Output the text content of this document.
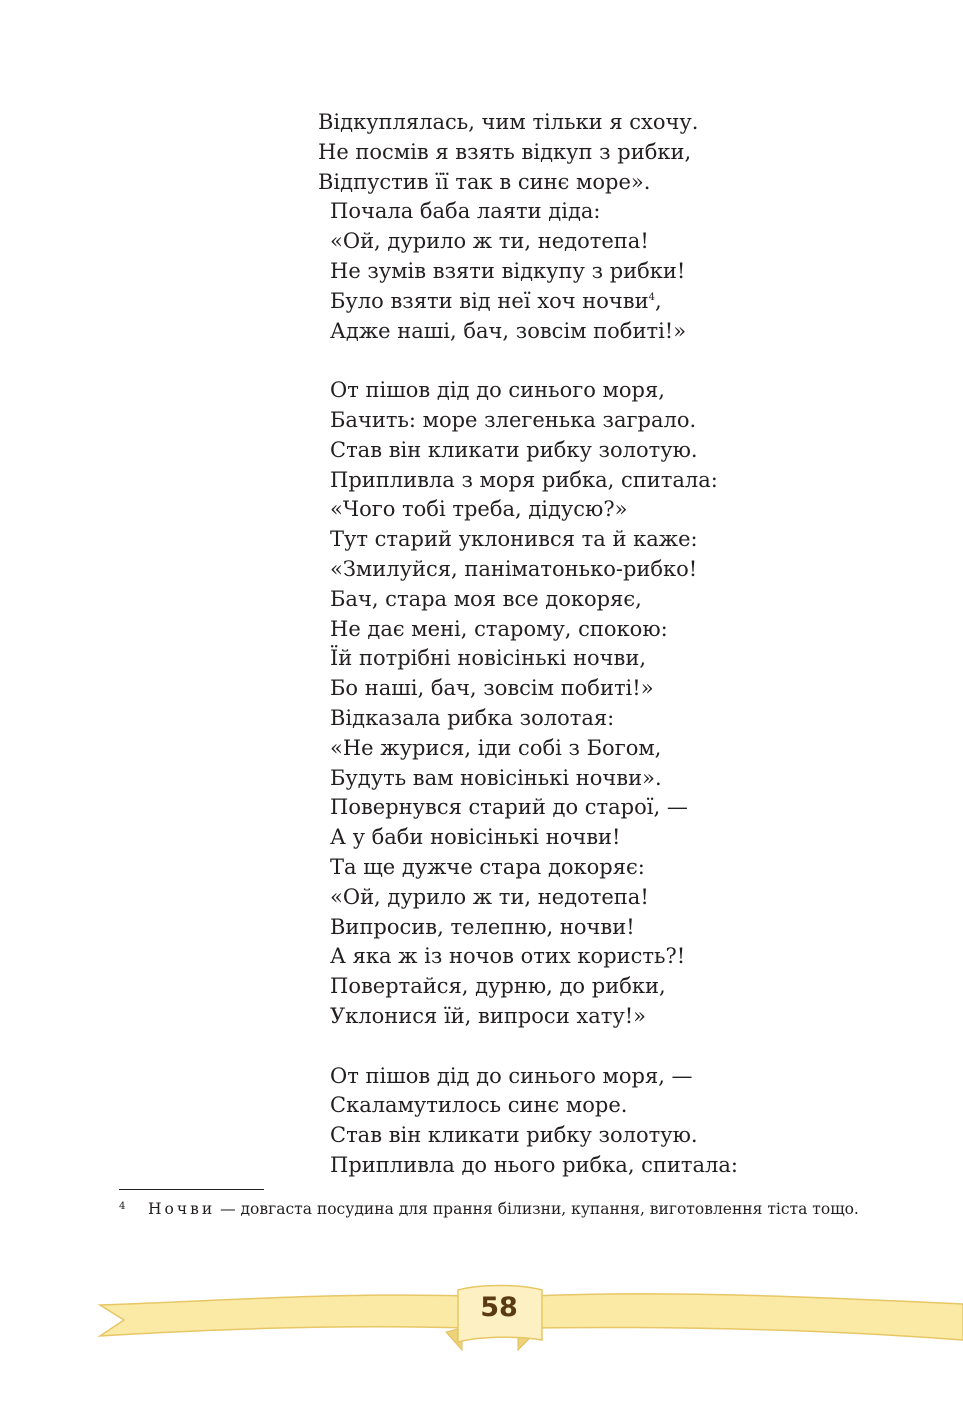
Відкуплялась, чим тільки я схочу.
Не посмів я взять відкуп з рибки,
Відпустив її так в синє море».
Почала баба лаяти діда:
«Ой, дурило ж ти, недотепа!
Не зумів взяти відкупу з рибки!
Було взяти від неї хоч ночви$^4$,
Адже наші, бач, зовсім побиті!»
От пішов дід до синього моря,
Бачить: море злегенька заграло.
Став він кликати рибку золотую.
Припливла з моря рибка, спитала:
«Чого тобі треба, дідусю?»
Тут старий уклонився та й каже:
«Змилуйся, паніматонько-рибко!
Бач, стара моя все докоряє,
Не дає мені, старому, спокою:
Їй потрібні новісінькі ночви,
Бо наші, бач, зовсім побиті!»
Відказала рибка золотая:
«Не журися, іди собі з Богом,
Будуть вам новісінькі ночви».
Повернувся старий до старої, —
А у баби новісінькі ночви!
Та ще дужче стара докоряє:
«Ой, дурило ж ти, недотепа!
Випросив, телепню, ночви!
А яка ж із ночов отих користь?!
Повертайся, дурню, до рибки,
Уклонися їй, випроси хату!»
От пішов дід до синього моря, —
Скаламутилось синє море.
Став він кликати рибку золотую.
Припливла до нього рибка, спитала:
4 Ночви — довгаста посудина для прання білизни, купання, виготовлення тіста тощо.
58
